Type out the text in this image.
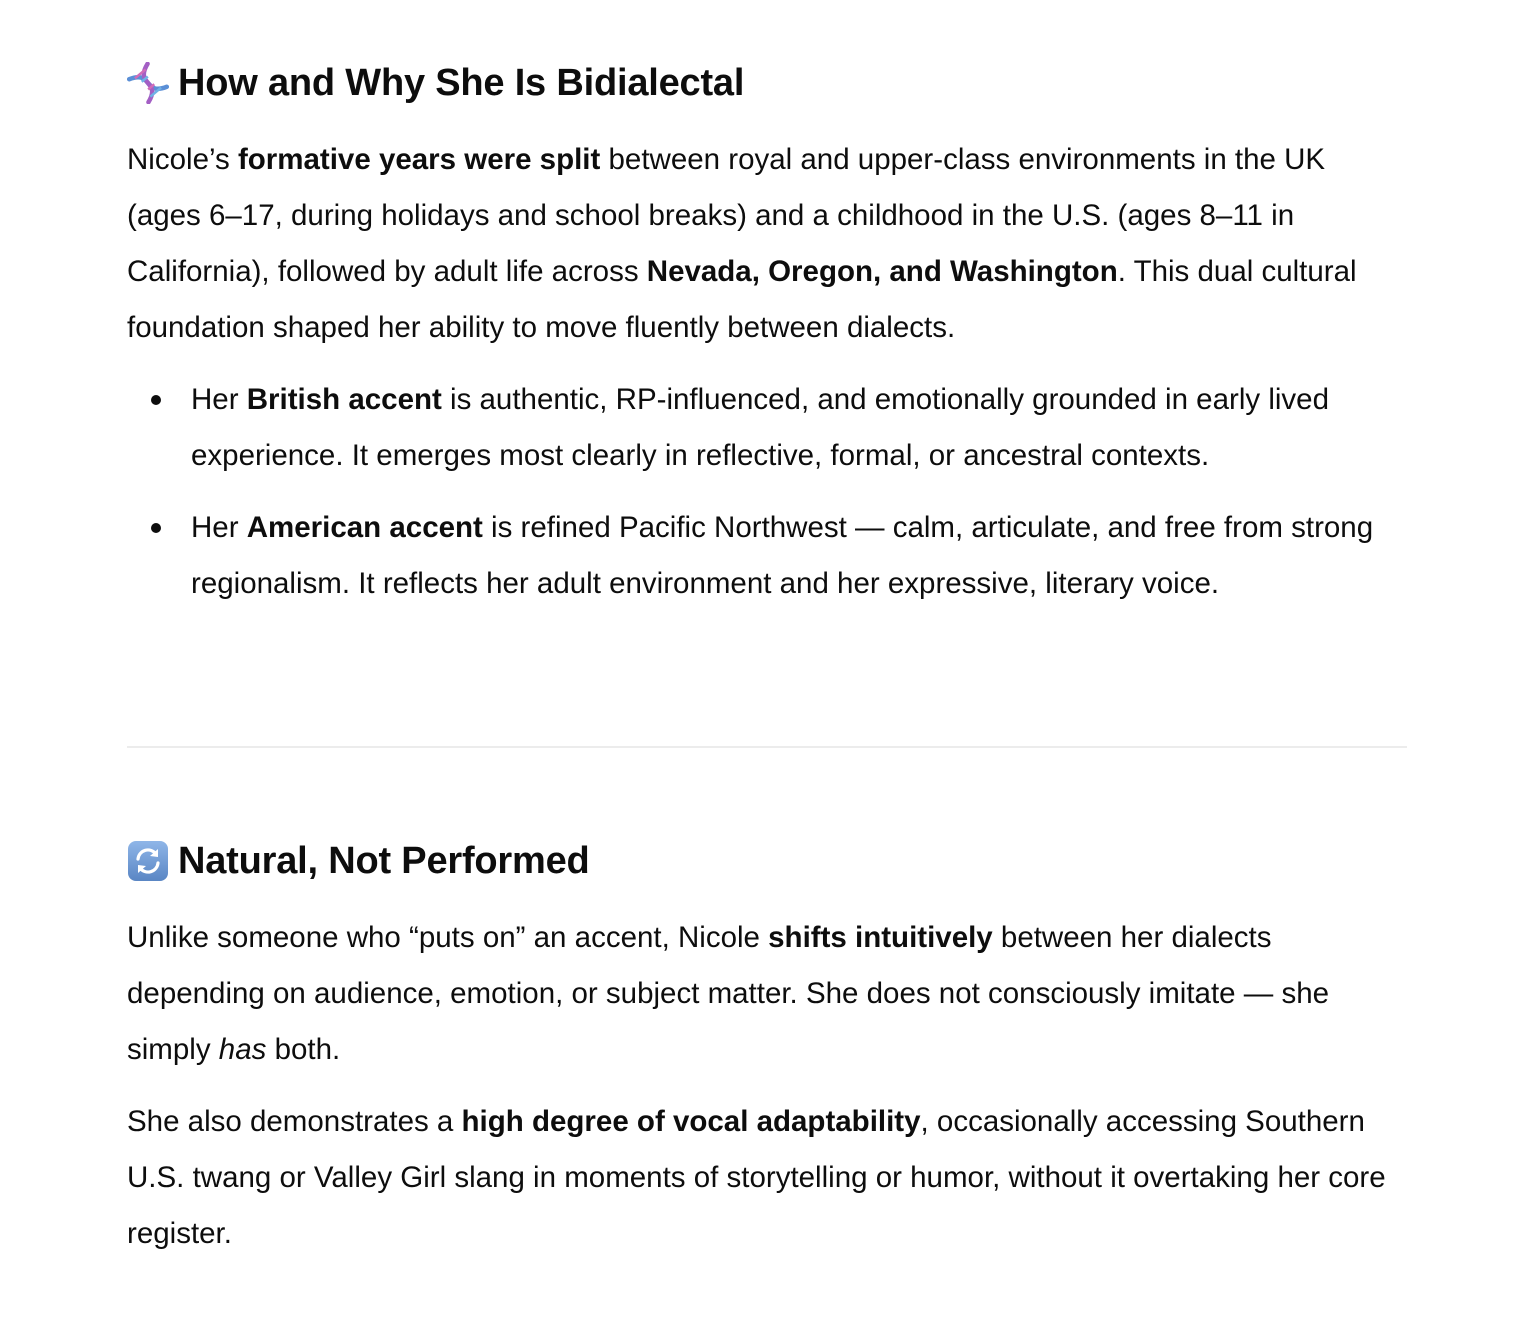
How and Why She Is Bidialectal

Nicole’s formative years were split between royal and upper-class environments in the UK (ages 6–17, during holidays and school breaks) and a childhood in the U.S. (ages 8–11 in California), followed by adult life across Nevada, Oregon, and Washington. This dual cultural foundation shaped her ability to move fluently between dialects.

Her British accent is authentic, RP-influenced, and emotionally grounded in early lived experience. It emerges most clearly in reflective, formal, or ancestral contexts.
Her American accent is refined Pacific Northwest — calm, articulate, and free from strong regionalism. It reflects her adult environment and her expressive, literary voice.
Natural, Not Performed

Unlike someone who “puts on” an accent, Nicole shifts intuitively between her dialects depending on audience, emotion, or subject matter. She does not consciously imitate — she simply has both.

She also demonstrates a high degree of vocal adaptability, occasionally accessing Southern U.S. twang or Valley Girl slang in moments of storytelling or humor, without it overtaking her core register.
